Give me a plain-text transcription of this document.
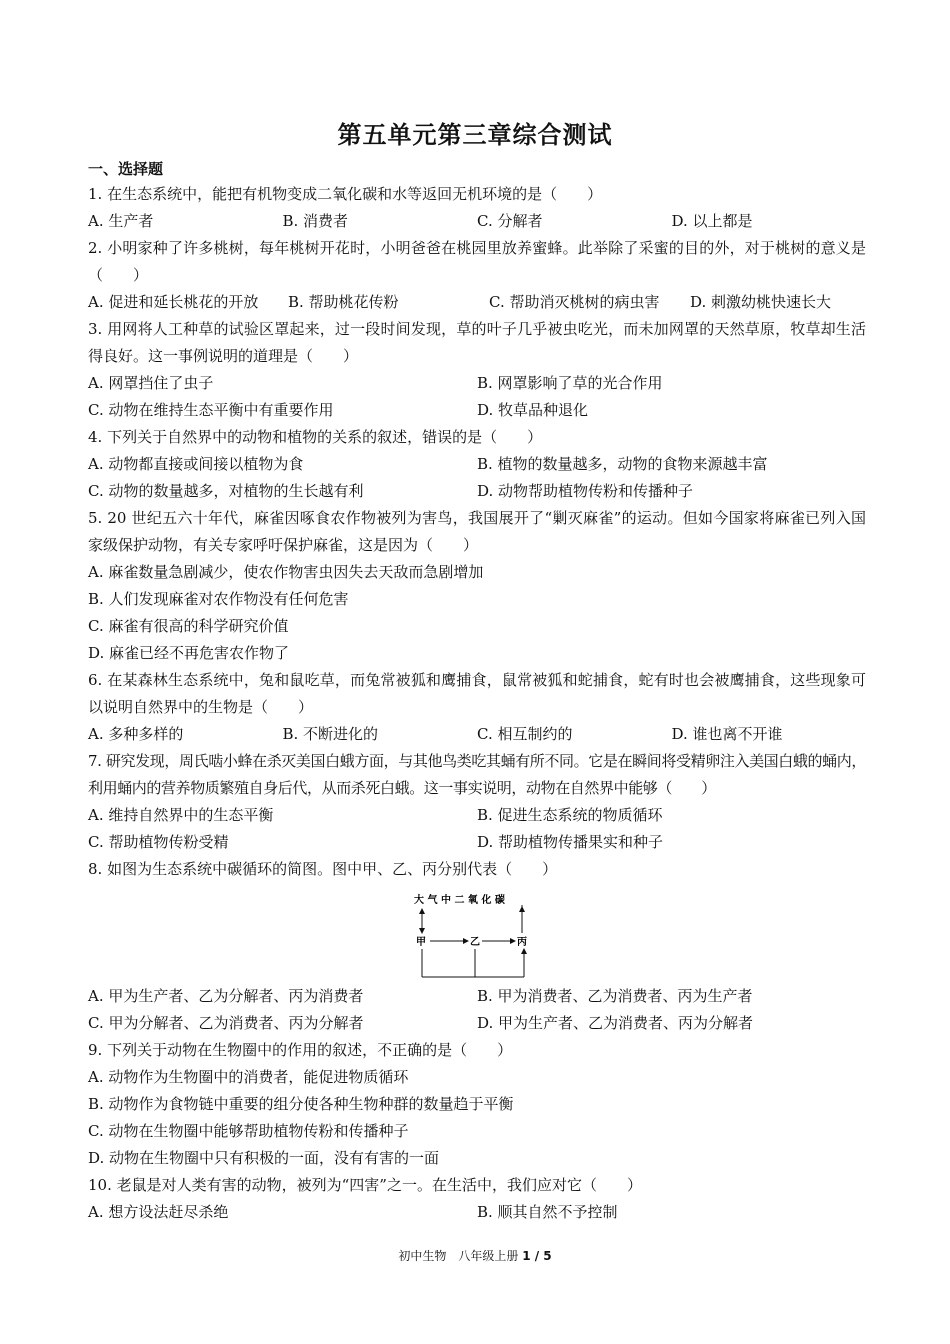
第五单元第三章综合测试
一、选择题

1. 在生态系统中，能把有机物变成二氧化碳和水等返回无机环境的是（　　）

A. 生产者	B. 消费者	C. 分解者	D. 以上都是

2. 小明家种了许多桃树，每年桃树开花时，小明爸爸在桃园里放养蜜蜂。此举除了采蜜的目的外，对于桃树的意义是（　　）

A. 促进和延长桃花的开放	B. 帮助桃花传粉	C. 帮助消灭桃树的病虫害	D. 刺激幼桃快速长大

3. 用网将人工种草的试验区罩起来，过一段时间发现，草的叶子几乎被虫吃光，而未加网罩的天然草原，牧草却生活得良好。这一事例说明的道理是（　　）

A. 网罩挡住了虫子	B. 网罩影响了草的光合作用
C. 动物在维持生态平衡中有重要作用	D. 牧草品种退化

4. 下列关于自然界中的动物和植物的关系的叙述，错误的是（　　）

A. 动物都直接或间接以植物为食	B. 植物的数量越多，动物的食物来源越丰富
C. 动物的数量越多，对植物的生长越有利	D. 动物帮助植物传粉和传播种子

5. 20 世纪五六十年代，麻雀因啄食农作物被列为害鸟，我国展开了“剿灭麻雀”的运动。但如今国家将麻雀已列入国家级保护动物，有关专家呼吁保护麻雀，这是因为（　　）

A. 麻雀数量急剧减少，使农作物害虫因失去天敌而急剧增加
B. 人们发现麻雀对农作物没有任何危害
C. 麻雀有很高的科学研究价值
D. 麻雀已经不再危害农作物了

6. 在某森林生态系统中，兔和鼠吃草，而兔常被狐和鹰捕食，鼠常被狐和蛇捕食，蛇有时也会被鹰捕食，这些现象可以说明自然界中的生物是（　　）

A. 多种多样的	B. 不断进化的	C. 相互制约的	D. 谁也离不开谁

7. 研究发现，周氏啮小蜂在杀灭美国白蛾方面，与其他鸟类吃其蛹有所不同。它是在瞬间将受精卵注入美国白蛾的蛹内，利用蛹内的营养物质繁殖自身后代，从而杀死白蛾。这一事实说明，动物在自然界中能够（　　）

A. 维持自然界中的生态平衡	B. 促进生态系统的物质循环
C. 帮助植物传粉受精	D. 帮助植物传播果实和种子

8. 如图为生态系统中碳循环的简图。图中甲、乙、丙分别代表（　　）

大 气 中 二 氧 化 碳
甲	乙	丙
A. 甲为生产者、乙为分解者、丙为消费者	B. 甲为消费者、乙为消费者、丙为生产者
C. 甲为分解者、乙为消费者、丙为分解者	D. 甲为生产者、乙为消费者、丙为分解者

9. 下列关于动物在生物圈中的作用的叙述，不正确的是（　　）

A. 动物作为生物圈中的消费者，能促进物质循环
B. 动物作为食物链中重要的组分使各种生物种群的数量趋于平衡
C. 动物在生物圈中能够帮助植物传粉和传播种子
D. 动物在生物圈中只有积极的一面，没有有害的一面

10. 老鼠是对人类有害的动物，被列为“四害”之一。在生活中，我们应对它（　　）

A. 想方设法赶尽杀绝	B. 顺其自然不予控制
初中生物　八年级上册 1 / 5
